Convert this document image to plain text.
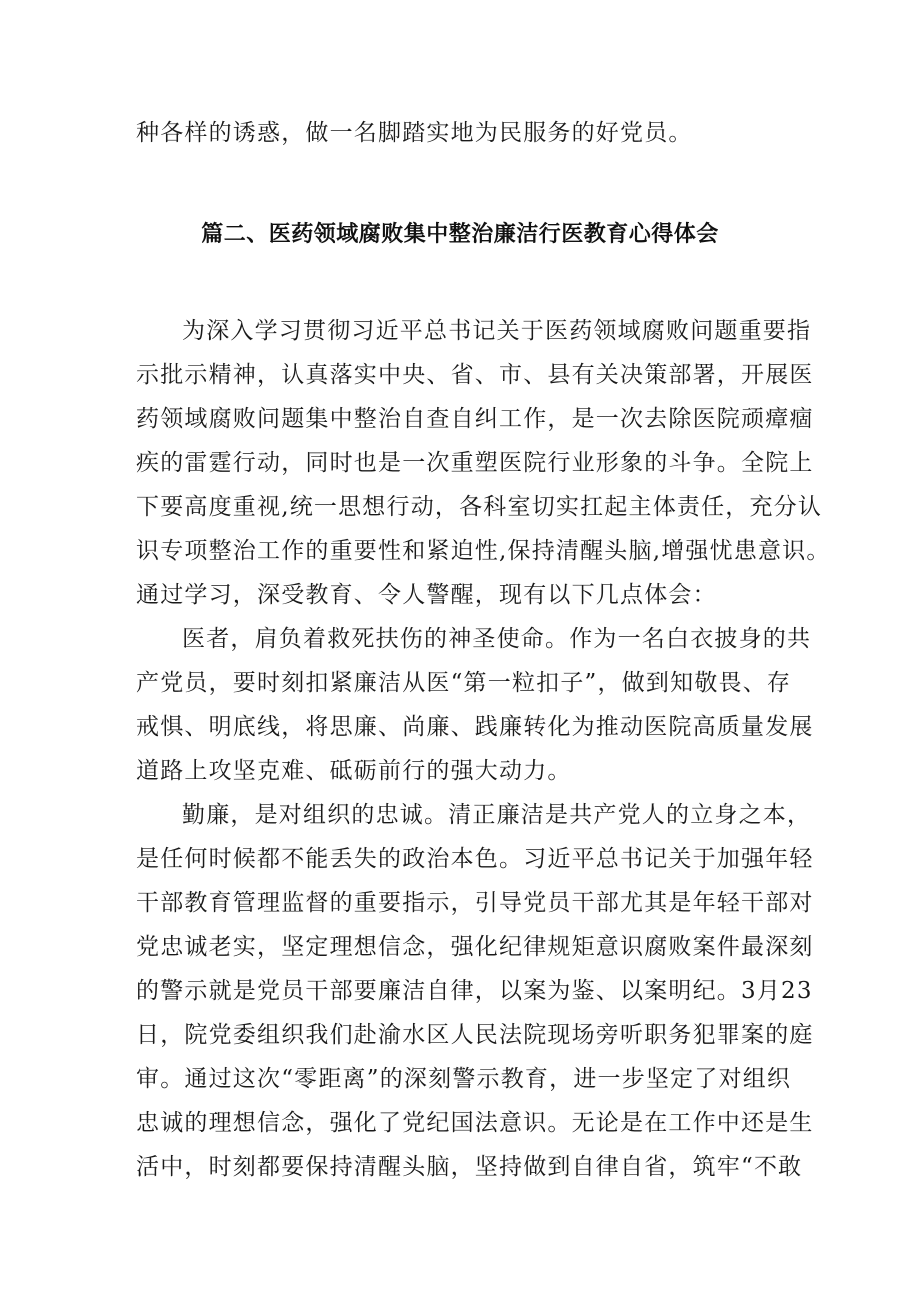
种各样的诱惑，做一名脚踏实地为民服务的好党员。
篇二、医药领域腐败集中整治廉洁行医教育心得体会
为深入学习贯彻习近平总书记关于医药领域腐败问题重要指
示批示精神，认真落实中央、省、市、县有关决策部署，开展医
药领域腐败问题集中整治自查自纠工作，是一次去除医院顽瘴痼
疾的雷霆行动，同时也是一次重塑医院行业形象的斗争。全院上
下要高度重视,统一思想行动，各科室切实扛起主体责任，充分认
识专项整治工作的重要性和紧迫性,保持清醒头脑,增强忧患意识。
通过学习，深受教育、令人警醒，现有以下几点体会：
医者，肩负着救死扶伤的神圣使命。作为一名白衣披身的共
产党员，要时刻扣紧廉洁从医“第一粒扣子”，做到知敬畏、存
戒惧、明底线，将思廉、尚廉、践廉转化为推动医院高质量发展
道路上攻坚克难、砥砺前行的强大动力。
勤廉，是对组织的忠诚。清正廉洁是共产党人的立身之本，
是任何时候都不能丢失的政治本色。习近平总书记关于加强年轻
干部教育管理监督的重要指示，引导党员干部尤其是年轻干部对
党忠诚老实，坚定理想信念，强化纪律规矩意识腐败案件最深刻
的警示就是党员干部要廉洁自律，以案为鉴、以案明纪。3月23
日，院党委组织我们赴渝水区人民法院现场旁听职务犯罪案的庭
审。通过这次“零距离”的深刻警示教育，进一步坚定了对组织
忠诚的理想信念，强化了党纪国法意识。无论是在工作中还是生
活中，时刻都要保持清醒头脑，坚持做到自律自省，筑牢“不敢
